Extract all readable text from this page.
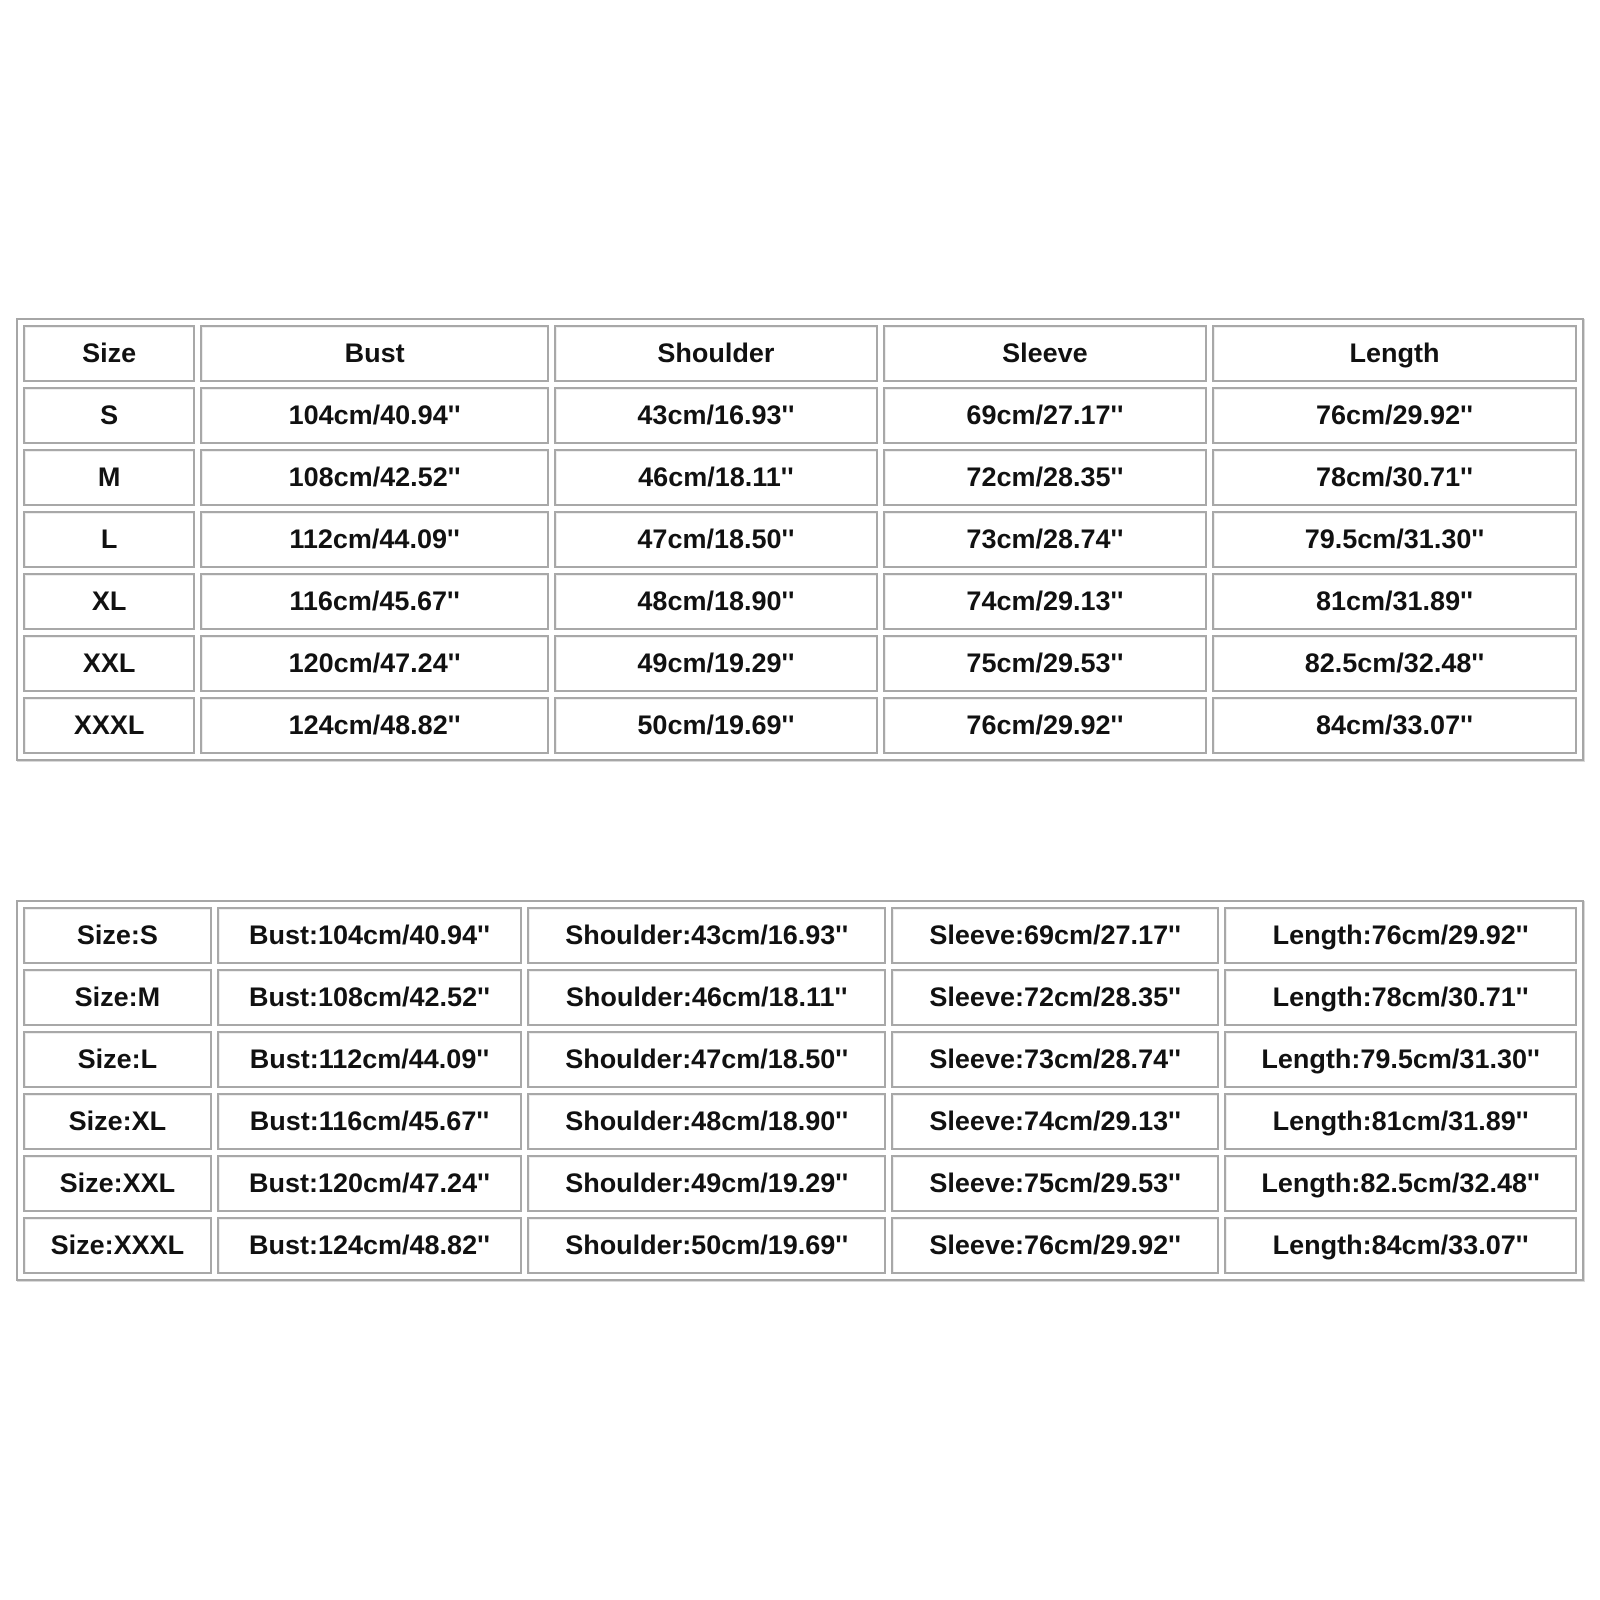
Size	Bust	Shoulder	Sleeve	Length
S	104cm/40.94''	43cm/16.93''	69cm/27.17''	76cm/29.92''
M	108cm/42.52''	46cm/18.11''	72cm/28.35''	78cm/30.71''
L	112cm/44.09''	47cm/18.50''	73cm/28.74''	79.5cm/31.30''
XL	116cm/45.67''	48cm/18.90''	74cm/29.13''	81cm/31.89''
XXL	120cm/47.24''	49cm/19.29''	75cm/29.53''	82.5cm/32.48''
XXXL	124cm/48.82''	50cm/19.69''	76cm/29.92''	84cm/33.07''
Size:S	Bust:104cm/40.94''	Shoulder:43cm/16.93''	Sleeve:69cm/27.17''	Length:76cm/29.92''
Size:M	Bust:108cm/42.52''	Shoulder:46cm/18.11''	Sleeve:72cm/28.35''	Length:78cm/30.71''
Size:L	Bust:112cm/44.09''	Shoulder:47cm/18.50''	Sleeve:73cm/28.74''	Length:79.5cm/31.30''
Size:XL	Bust:116cm/45.67''	Shoulder:48cm/18.90''	Sleeve:74cm/29.13''	Length:81cm/31.89''
Size:XXL	Bust:120cm/47.24''	Shoulder:49cm/19.29''	Sleeve:75cm/29.53''	Length:82.5cm/32.48''
Size:XXXL	Bust:124cm/48.82''	Shoulder:50cm/19.69''	Sleeve:76cm/29.92''	Length:84cm/33.07''
